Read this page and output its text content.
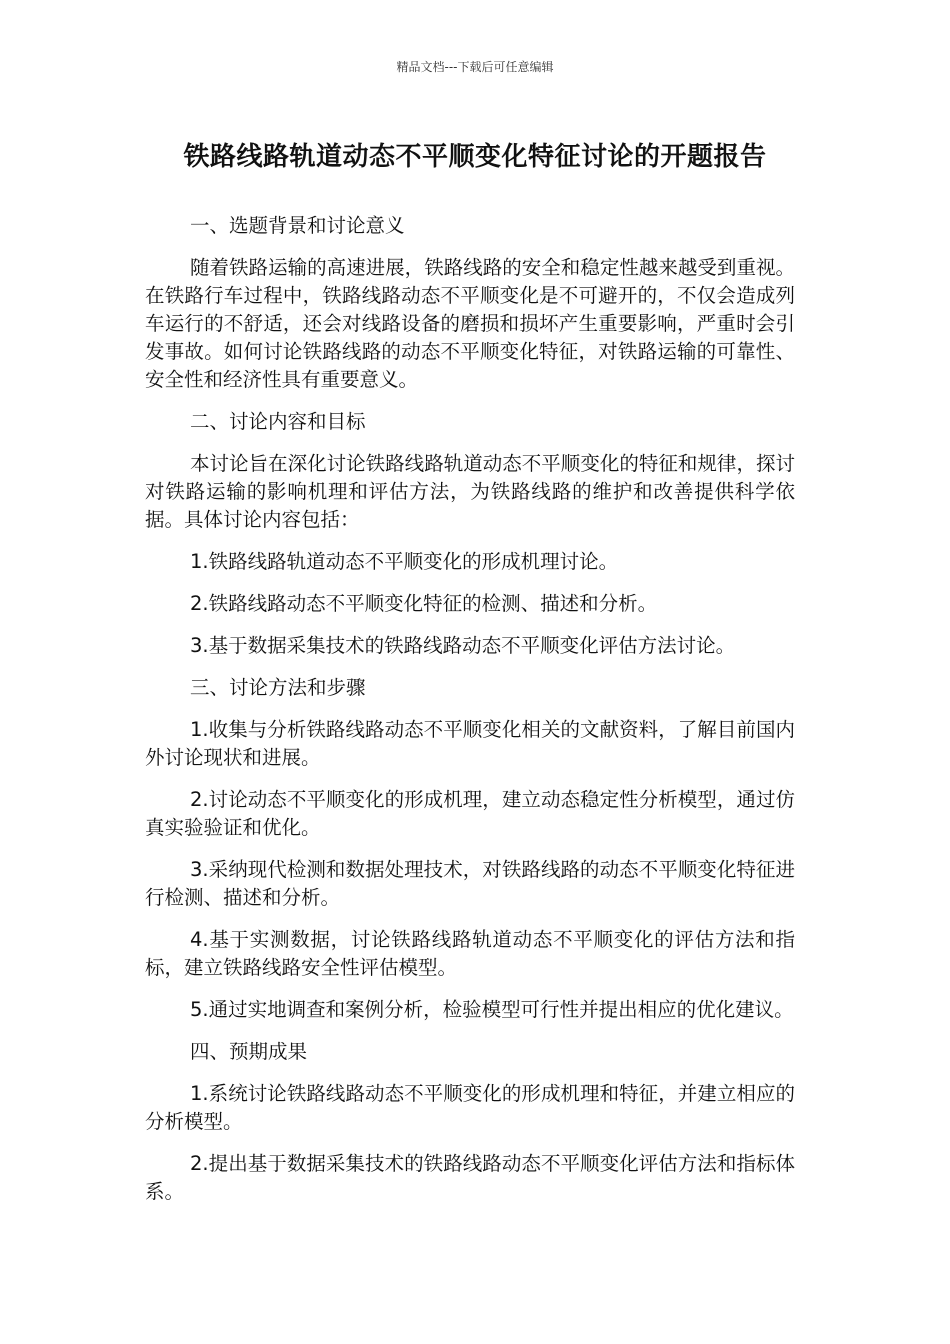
精品文档---下载后可任意编辑
铁路线路轨道动态不平顺变化特征讨论的开题报告

一、选题背景和讨论意义

随着铁路运输的高速进展，铁路线路的安全和稳定性越来越受到重视。在铁路行车过程中，铁路线路动态不平顺变化是不可避开的，不仅会造成列车运行的不舒适，还会对线路设备的磨损和损坏产生重要影响，严重时会引发事故。如何讨论铁路线路的动态不平顺变化特征，对铁路运输的可靠性、安全性和经济性具有重要意义。

二、讨论内容和目标

本讨论旨在深化讨论铁路线路轨道动态不平顺变化的特征和规律，探讨对铁路运输的影响机理和评估方法，为铁路线路的维护和改善提供科学依据。具体讨论内容包括：

1.铁路线路轨道动态不平顺变化的形成机理讨论。

2.铁路线路动态不平顺变化特征的检测、描述和分析。

3.基于数据采集技术的铁路线路动态不平顺变化评估方法讨论。

三、讨论方法和步骤

1.收集与分析铁路线路动态不平顺变化相关的文献资料，了解目前国内外讨论现状和进展。

2.讨论动态不平顺变化的形成机理，建立动态稳定性分析模型，通过仿真实验验证和优化。

3.采纳现代检测和数据处理技术，对铁路线路的动态不平顺变化特征进行检测、描述和分析。

4.基于实测数据，讨论铁路线路轨道动态不平顺变化的评估方法和指标，建立铁路线路安全性评估模型。

5.通过实地调查和案例分析，检验模型可行性并提出相应的优化建议。

四、预期成果

1.系统讨论铁路线路动态不平顺变化的形成机理和特征，并建立相应的分析模型。

2.提出基于数据采集技术的铁路线路动态不平顺变化评估方法和指标体系。
